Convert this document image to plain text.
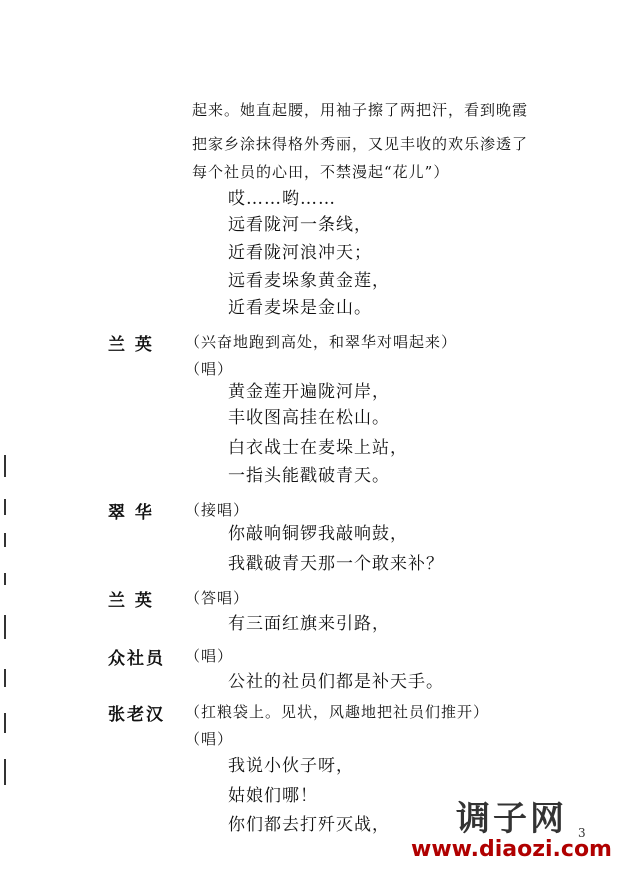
起来。她直起腰，用袖子擦了两把汗，看到晚霞
把家乡涂抹得格外秀丽，又见丰收的欢乐渗透了
每个社员的心田，不禁漫起“花儿”）
哎……哟……
远看陇河一条线，
近看陇河浪冲天；
远看麦垛象黄金莲，
近看麦垛是金山。
兰 英 （兴奋地跑到高处，和翠华对唱起来）
（唱）
黄金莲开遍陇河岸，
丰收图高挂在松山。
白衣战士在麦垛上站，
一指头能戳破青天。
翠 华 （接唱）
你敲响铜锣我敲响鼓，
我戳破青天那一个敢来补？
兰 英 （答唱）
有三面红旗来引路，
众社员 （唱）
公社的社员们都是补天手。
张老汉 （扛粮袋上。见状，风趣地把社员们推开）
（唱）
我说小伙子呀，
姑娘们哪！
你们都去打歼灭战，	3
调子网
www.diaozi.com
